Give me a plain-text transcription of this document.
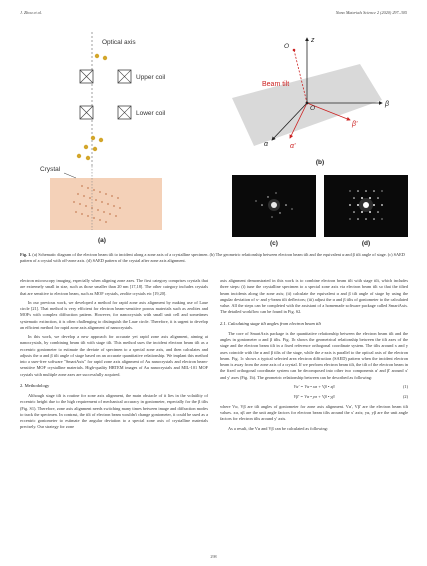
J. Zhou et al.	Nano Materials Science 2 (2020) 297–305
Optical axis
Upper coil
Lower coil
Crystal
(a)
z
O
O
Beam tilt
β
α
β'
α'
(b)
(c)	(d)
Fig. 1. (a) Schematic diagram of the electron beam tilt to incident along a zone axis of a crystalline specimen. (b) The geometric relationship between electron beam tilt and the equivalent α and β tilt angle of stage. (c) SAED pattern of a crystal with off-zone axis. (d) SAED pattern of the crystal after zone axis alignment.

electron microscopy imaging, especially when aligning zone axes. The first category comprises crystals that are extremely small in size, such as those smaller than 20 nm [17,18]. The other category includes crystals that are sensitive to electron beam, such as MOF crystals, zeolite crystals etc [19,20].

In our previous work, we developed a method for rapid zone axis alignment by making use of Laue circle [21]. That method is very efficient for electron beam-sensitive porous materials such as zeolites and MOFs with complex diffraction pattern. However, for nanocrystals with small unit cell and sometimes systematic extinction, it is often challenging to distinguish the Laue circle. Therefore, it is urgent to develop an efficient method for rapid zone axis alignment of nanocrystals.

In this work, we develop a new approach for accurate yet rapid zone axis alignment, aiming at nanocrystals, by combining beam tilt with stage tilt. This method uses the incident electron beam tilt as a eccentric goniometer to estimate the deviate of specimen to a special zone axis, and then calculates and adjusts the α and β tilt angle of stage based on an accurate quantitative relationship. We implant this method into a user-free software "SmartAxis" for rapid zone axis alignment of Au nanocrystals and electron beam-sensitive MOF crystalline materials. High-quality HRTEM images of Au nanocrystals and MIL-101 MOF crystals with multiple zone axes are successfully acquired.

2. Methodology

Although stage tilt is routine for zone axis alignment, the main obstacle of it lies in the volatility of eccentric height due to the high requirement of mechanical accuracy in goniometer, especially for the β tilts (Fig. S1). Therefore, zone axis alignment needs switching many times between image and diffraction modes to track the specimen. In contrast, the tilt of electron beam wouldn't change goniometer, it could be used as a eccentric goniometer to estimate the angular deviation to a special zone axis of crystalline materials precisely. Our strategy for zone

axis alignment demonstrated in this work is to combine electron beam tilt with stage tilt, which includes three steps: (i) tune the crystalline specimen to a special zone axis via electron beam tilt so that the tilted beam incidents along the zone axis; (ii) calculate the equivalent α and β tilt angle of stage by using the angular deviation of x- and y-beam tilt deflectors; (iii) adjust the α and β tilts of goniometer to the calculated value. All the steps can be completed with the assistant of a homemade software package called SmartAxis. The detailed workflow can be found in Fig. S2.

2.1. Calculating stage tilt angles from electron beam tilt

The core of SmartAxis package is the quantitative relationship between the electron beam tilt and the angles in goniometer α and β tilts. Fig. 1b shows the geometrical relationship between the tilt axes of the stage and the electron beam tilt in a fixed reference orthogonal coordinate system. The tilts around x and y axes coincide with the α and β tilts of the stage, while the z-axis is parallel to the optical axis of the electron beam. Fig. 1c shows a typical selected area electron diffraction (SAED) pattern when the incident electron beam is away from the zone axis of a crystal. If we perform electron beam tilt, the tilt of the electron beam in the fixed orthogonal coordinate system can be decomposed into other two components α' and β' around x' and y' axes (Fig. 1b). The geometric relationship between can be described as following:

Vα' = Vα • xα + Vβ • xβ	(1)
Vβ' = Vα • yα + Vβ • yβ	(2)

where Vα, Vβ are tilt angles of goniometer for zone axis alignment. Vα', Vβ' are the electron beam tilt values. xα, xβ are the unit angle factors for electron beam tilts around the x' axis; yα, yβ are the unit angle factors for electron tilts around y' axis.

As a result, the Vα and Vβ can be calculated as following:

298
